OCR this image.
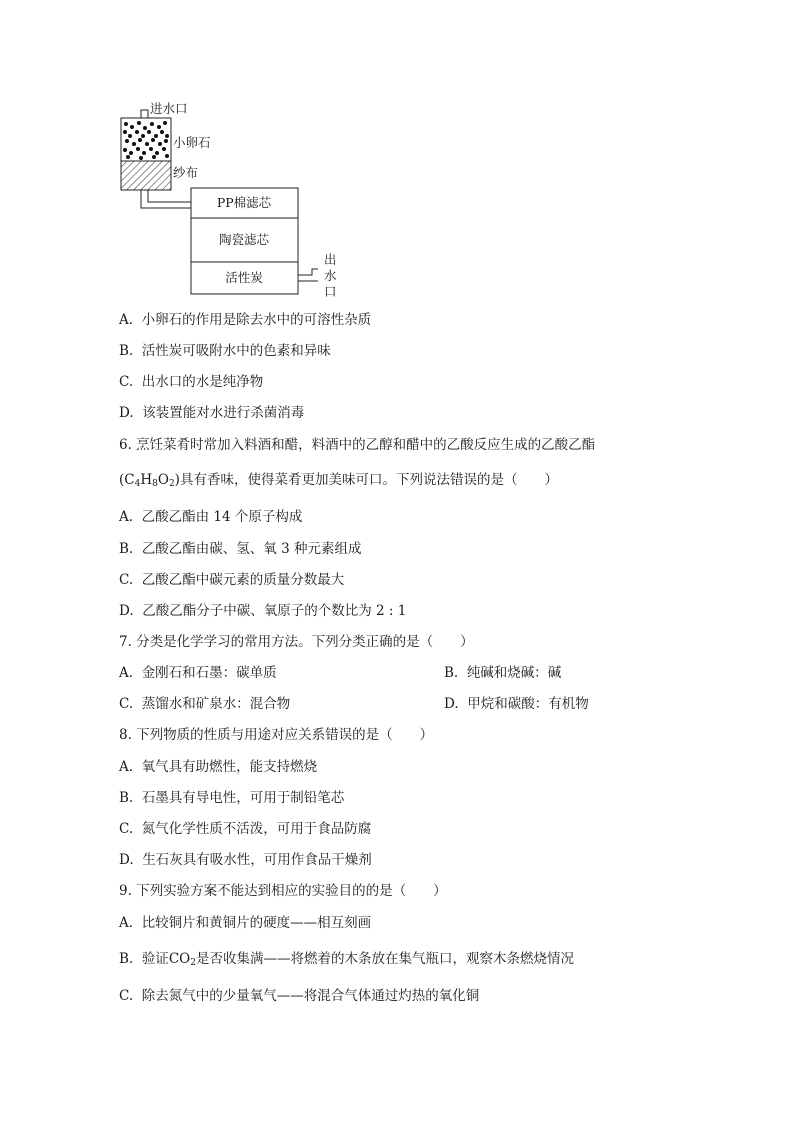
进水口
小卵石
纱布
PP棉滤芯
陶瓷滤芯
活性炭
出
水
口
A. 小卵石的作用是除去水中的可溶性杂质
B. 活性炭可吸附水中的色素和异味
C. 出水口的水是纯净物
D. 该装置能对水进行杀菌消毒
6. 烹饪菜肴时常加入料酒和醋，料酒中的乙醇和醋中的乙酸反应生成的乙酸乙酯
$(C_4H_8O_2)$具有香味，使得菜肴更加美味可口。下列说法错误的是（　　）
A. 乙酸乙酯由 14 个原子构成
B. 乙酸乙酯由碳、氢、氧 3 种元素组成
C. 乙酸乙酯中碳元素的质量分数最大
D. 乙酸乙酯分子中碳、氧原子的个数比为 2 : 1
7. 分类是化学学习的常用方法。下列分类正确的是（　　）
A. 金刚石和石墨：碳单质	B. 纯碱和烧碱：碱
C. 蒸馏水和矿泉水：混合物	D. 甲烷和碳酸：有机物
8. 下列物质的性质与用途对应关系错误的是（　　）
A. 氧气具有助燃性，能支持燃烧
B. 石墨具有导电性，可用于制铅笔芯
C. 氮气化学性质不活泼，可用于食品防腐
D. 生石灰具有吸水性，可用作食品干燥剂
9. 下列实验方案不能达到相应的实验目的的是（　　）
A. 比较铜片和黄铜片的硬度——相互刻画
B. 验证$CO_2$是否收集满——将燃着的木条放在集气瓶口，观察木条燃烧情况
C. 除去氮气中的少量氧气——将混合气体通过灼热的氧化铜
